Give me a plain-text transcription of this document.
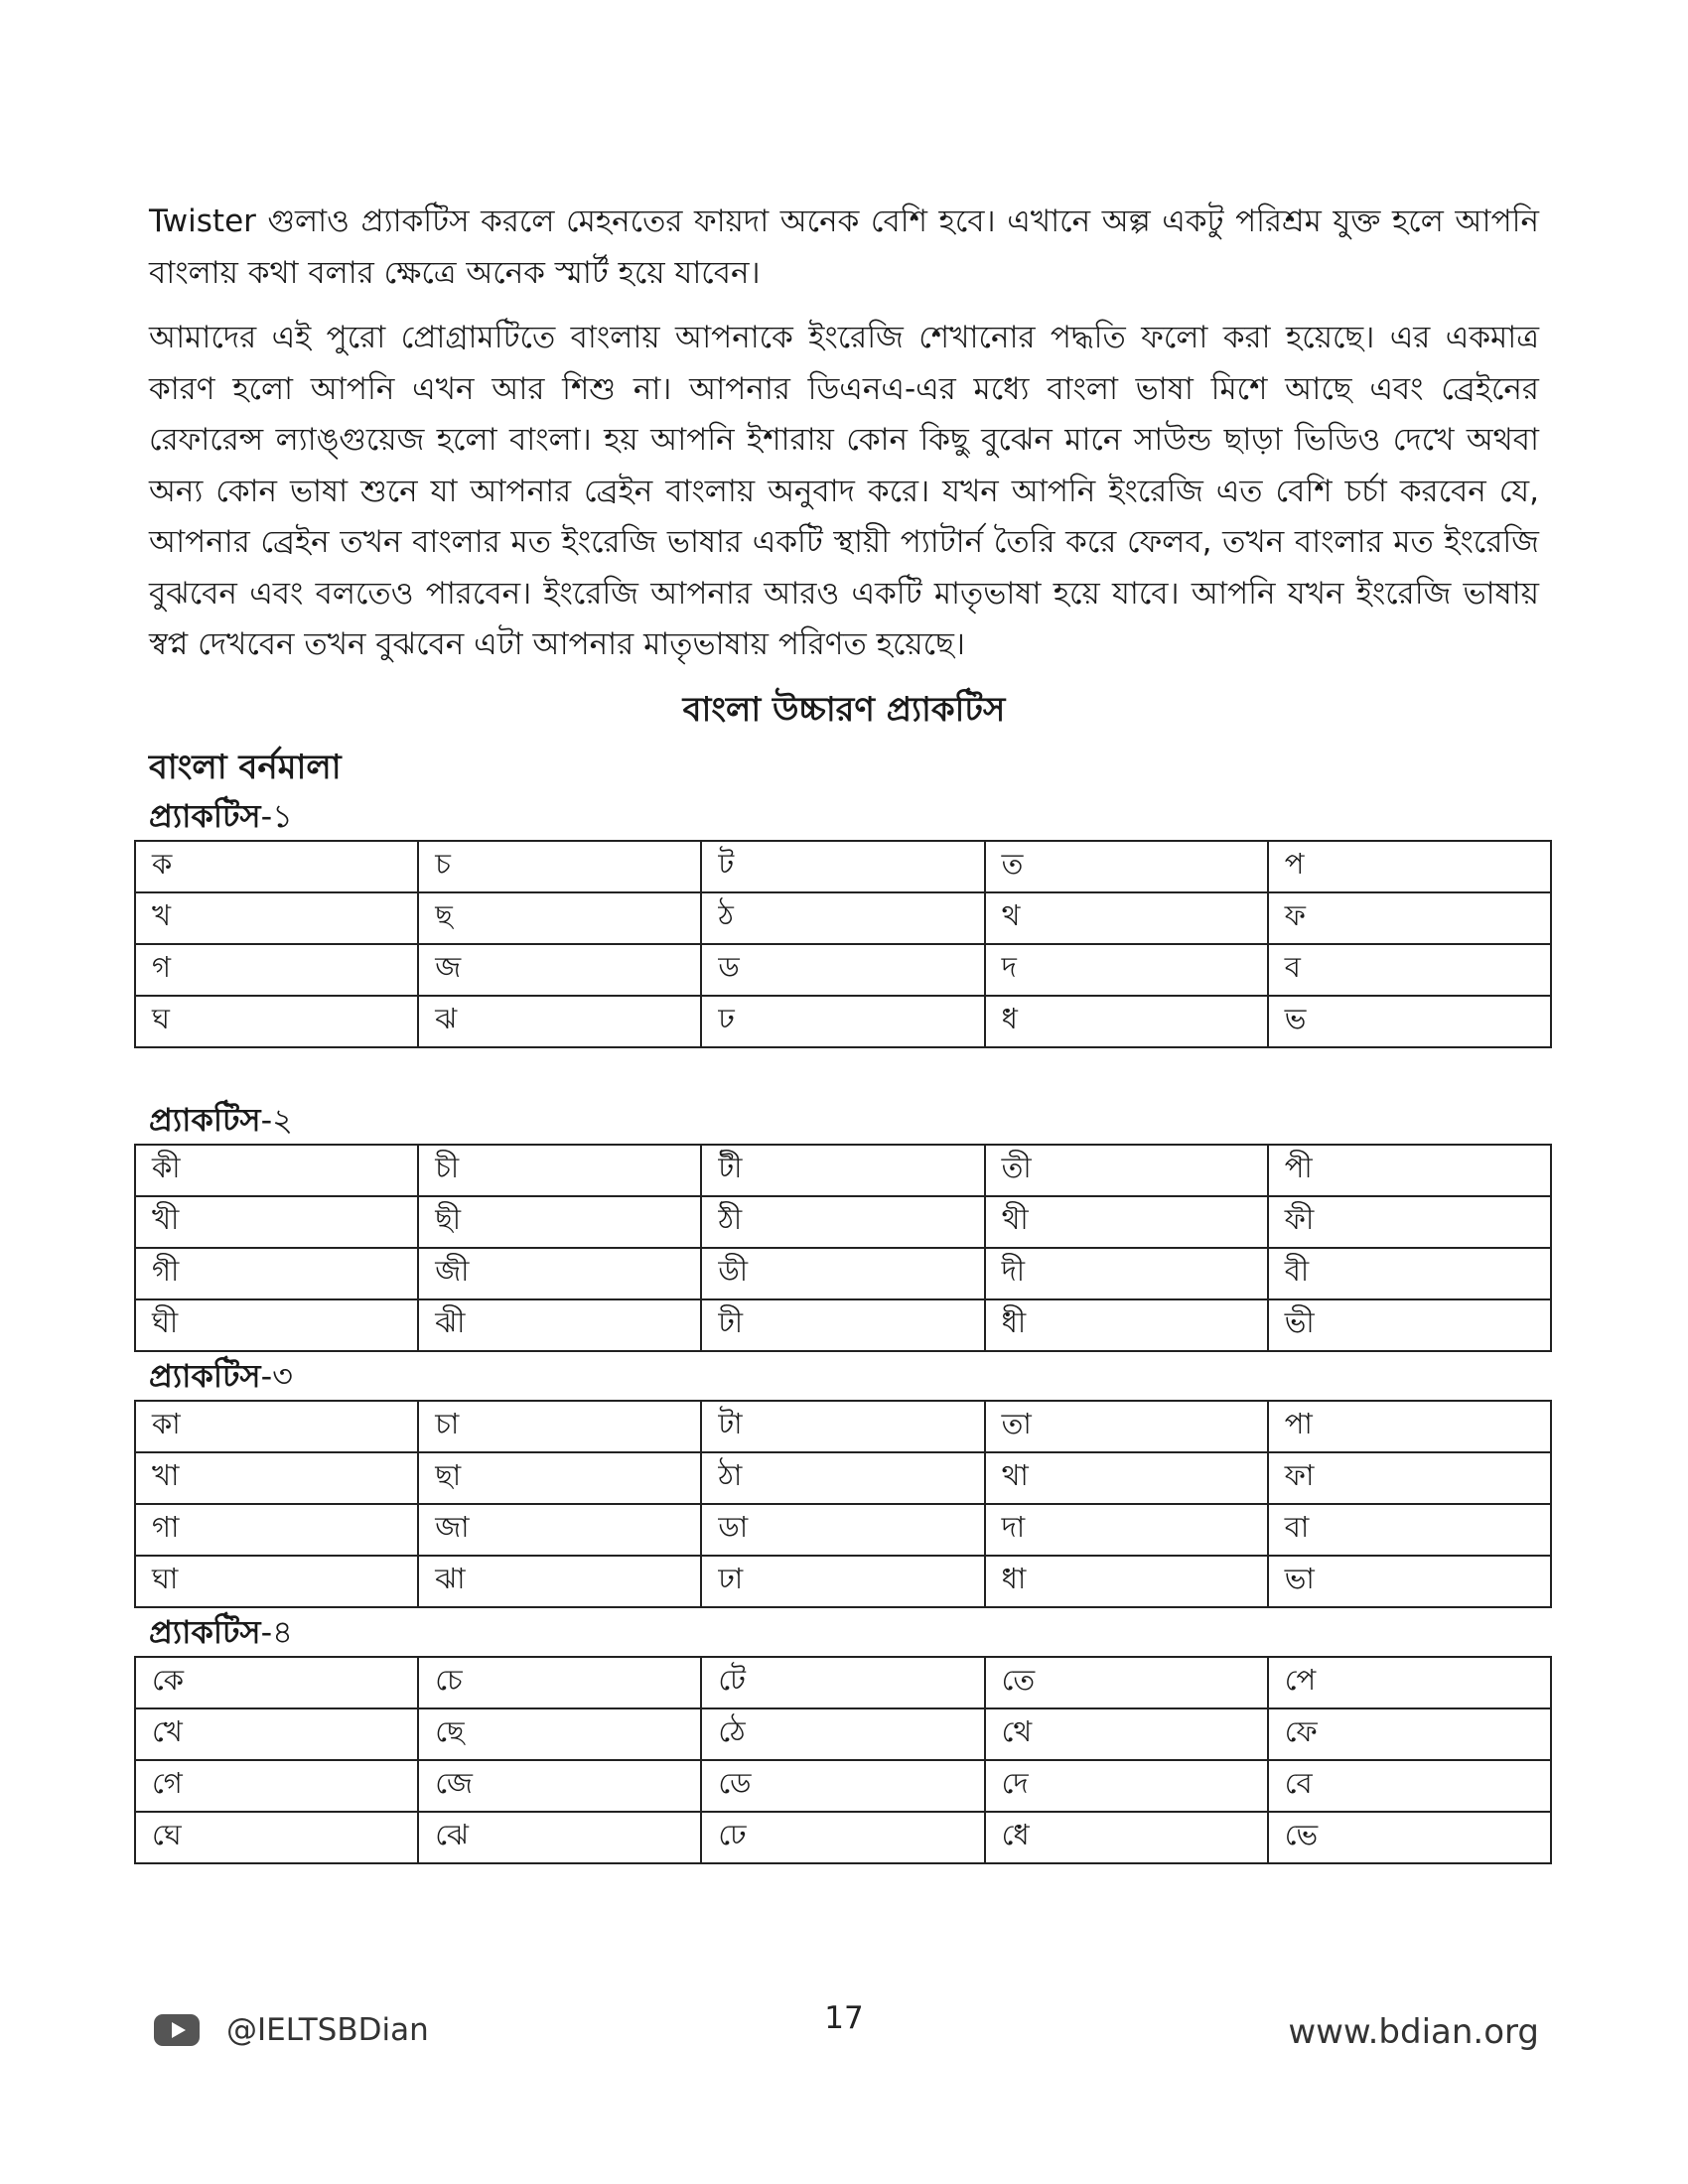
Twister গুলাও প্র্যাকটিস করলে মেহনতের ফায়দা অনেক বেশি হবে। এখানে অল্প একটু পরিশ্রম যুক্ত হলে আপনি বাংলায় কথা বলার ক্ষেত্রে অনেক স্মার্ট হয়ে যাবেন।

আমাদের এই পুরো প্রোগ্রামটিতে বাংলায় আপনাকে ইংরেজি শেখানোর পদ্ধতি ফলো করা হয়েছে। এর একমাত্র কারণ হলো আপনি এখন আর শিশু না। আপনার ডিএনএ-এর মধ্যে বাংলা ভাষা মিশে আছে এবং ব্রেইনের রেফারেন্স ল্যাঙ্গুয়েজ হলো বাংলা। হয় আপনি ইশারায় কোন কিছু বুঝেন মানে সাউন্ড ছাড়া ভিডিও দেখে অথবা অন্য কোন ভাষা শুনে যা আপনার ব্রেইন বাংলায় অনুবাদ করে। যখন আপনি ইংরেজি এত বেশি চর্চা করবেন যে, আপনার ব্রেইন তখন বাংলার মত ইংরেজি ভাষার একটি স্থায়ী প্যাটার্ন তৈরি করে ফেলব, তখন বাংলার মত ইংরেজি বুঝবেন এবং বলতেও পারবেন। ইংরেজি আপনার আরও একটি মাতৃভাষা হয়ে যাবে। আপনি যখন ইংরেজি ভাষায় স্বপ্ন দেখবেন তখন বুঝবেন এটা আপনার মাতৃভাষায় পরিণত হয়েছে।

বাংলা উচ্চারণ প্র্যাকটিস
বাংলা বর্নমালা
প্র্যাকটিস-১
ক	চ	ট	ত	প
খ	ছ	ঠ	থ	ফ
গ	জ	ড	দ	ব
ঘ	ঝ	ঢ	ধ	ভ
প্র্যাকটিস-২
কী	চী	টী	তী	পী
খী	ছী	ঠী	থী	ফী
গী	জী	ডী	দী	বী
ঘী	ঝী	ঢী	ধী	ভী
প্র্যাকটিস-৩
কা	চা	টা	তা	পা
খা	ছা	ঠা	থা	ফা
গা	জা	ডা	দা	বা
ঘা	ঝা	ঢা	ধা	ভা
প্র্যাকটিস-৪
কে	চে	টে	তে	পে
খে	ছে	ঠে	থে	ফে
গে	জে	ডে	দে	বে
ঘে	ঝে	ঢে	ধে	ভে
@IELTSBDian	17	www.bdian.org
